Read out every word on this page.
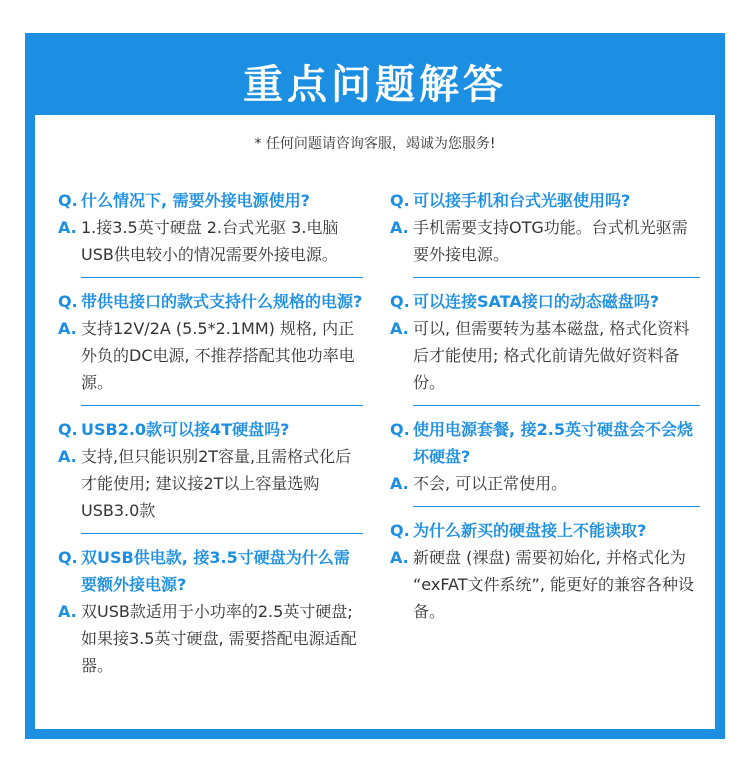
重点问题解答
* 任何问题请咨询客服，竭诚为您服务!
Q. 什么情况下, 需要外接电源使用?
A. 1.接3.5英寸硬盘 2.台式光驱 3.电脑USB供电较小的情况需要外接电源。
Q. 带供电接口的款式支持什么规格的电源?
A. 支持12V/2A (5.5*2.1MM) 规格, 内正外负的DC电源, 不推荐搭配其他功率电源。
Q. USB2.0款可以接4T硬盘吗?
A. 支持,但只能识别2T容量,且需格式化后才能使用; 建议接2T以上容量选购USB3.0款
Q. 双USB供电款, 接3.5寸硬盘为什么需要额外接电源?
A. 双USB款适用于小功率的2.5英寸硬盘; 如果接3.5英寸硬盘, 需要搭配电源适配器。
Q. 可以接手机和台式光驱使用吗?
A. 手机需要支持OTG功能。台式机光驱需要外接电源。
Q. 可以连接SATA接口的动态磁盘吗?
A. 可以, 但需要转为基本磁盘, 格式化资料后才能使用; 格式化前请先做好资料备份。
Q. 使用电源套餐, 接2.5英寸硬盘会不会烧坏硬盘?
A. 不会, 可以正常使用。
Q. 为什么新买的硬盘接上不能读取?
A. 新硬盘 (裸盘) 需要初始化, 并格式化为 “exFAT文件系统”, 能更好的兼容各种设备。
